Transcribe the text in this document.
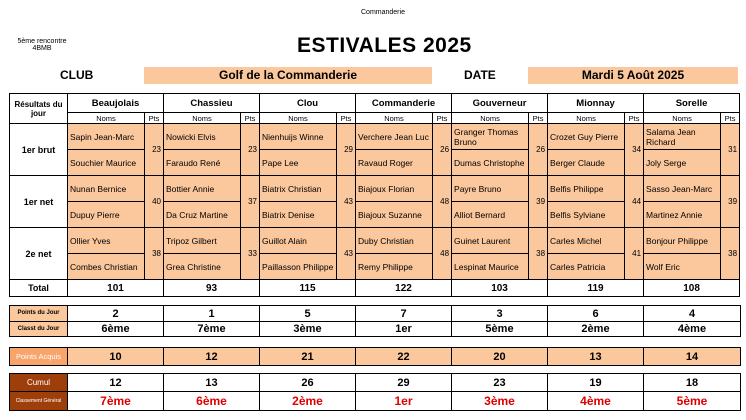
Commanderie
5ème rencontre
4BMB	ESTIVALES 2025
CLUB	Golf de la Commanderie	DATE	Mardi 5 Août 2025
Résultats du jour	Beaujolais		Chassieu		Clou		Commanderie		Gouverneur		Mionnay		Sorelle	
	Noms	Pts	Noms	Pts	Noms	Pts	Noms	Pts	Noms	Pts	Noms	Pts	Noms	Pts
1er brut	Sapin Jean-Marc	23	Nowicki Elvis	23	Nienhuijs Winne	29	Verchere Jean Luc	26	Granger Thomas Bruno	26	Crozet Guy Pierre	34	Salama Jean Richard	31
	Souchier Maurice		Faraudo René		Pape Lee		Ravaud Roger		Dumas Christophe		Berger Claude		Joly Serge	
1er net	Nunan Bernice	40	Bottier Annie	37	Biatrix Christian	43	Biajoux Florian	48	Payre Bruno	39	Belfis Philippe	44	Sasso Jean-Marc	39
	Dupuy Pierre		Da Cruz Martine		Biatrix Denise		Biajoux Suzanne		Alliot Bernard		Belfis Sylviane		Martinez Annie	
2e net	Ollier Yves	38	Tripoz Gilbert	33	Guillot Alain	43	Duby Christian	48	Guinet Laurent	38	Carles Michel	41	Bonjour Philippe	38
	Combes Christian		Grea Christine		Paillasson Philippe		Remy Philippe		Lespinat Maurice		Carles Patricia		Wolf Eric	
Total	101		93		115		122		103		119		108	
Points du Jour	2	1	5	7	3	6	4
Classt du Jour	6ème	7ème	3ème	1er	5ème	2ème	4ème
Points Acquis	10	12	21	22	20	13	14
Cumul	12	13	26	29	23	19	18
Classement Général	7ème	6ème	2ème	1er	3ème	4ème	5ème
